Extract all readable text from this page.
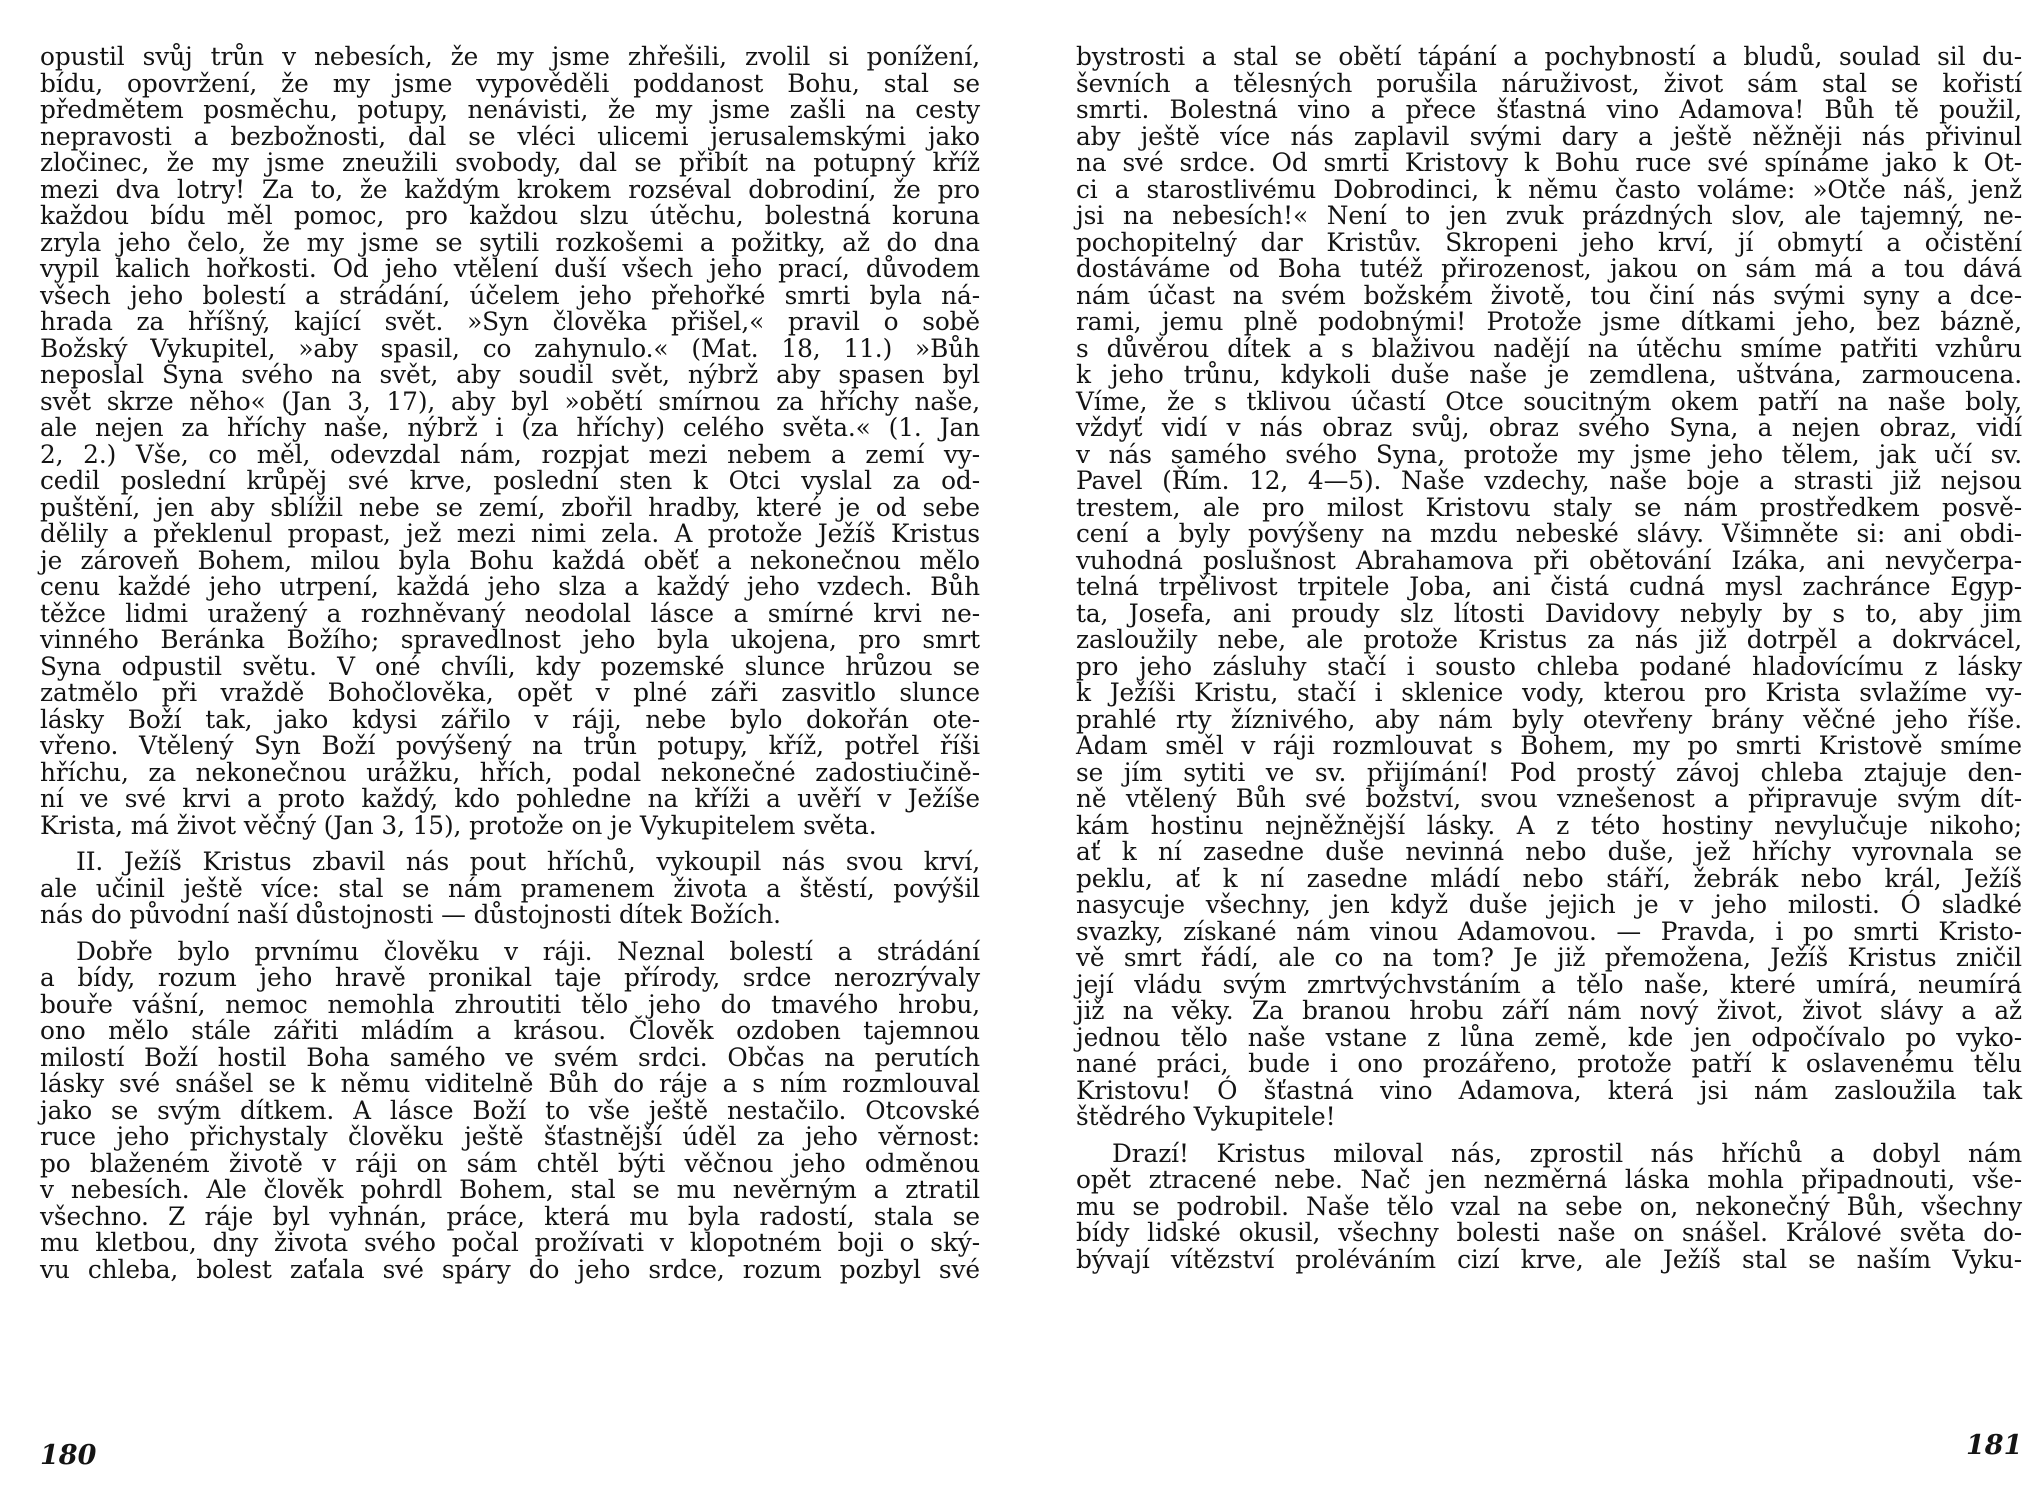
opustil svůj trůn v nebesích, že my jsme zhřešili, zvolil si ponížení,
bídu, opovržení, že my jsme vypověděli poddanost Bohu, stal se
předmětem posměchu, potupy, nenávisti, že my jsme zašli na cesty
nepravosti a bezbožnosti, dal se vléci ulicemi jerusalemskými jako
zločinec, že my jsme zneužili svobody, dal se přibít na potupný kříž
mezi dva lotry! Za to, že každým krokem rozséval dobrodiní, že pro
každou bídu měl pomoc, pro každou slzu útěchu, bolestná koruna
zryla jeho čelo, že my jsme se sytili rozkošemi a požitky, až do dna
vypil kalich hořkosti. Od jeho vtělení duší všech jeho prací, důvodem
všech jeho bolestí a strádání, účelem jeho přehořké smrti byla ná-
hrada za hříšný, kající svět. »Syn člověka přišel,« pravil o sobě
Božský Vykupitel, »aby spasil, co zahynulo.« (Mat. 18, 11.) »Bůh
neposlal Syna svého na svět, aby soudil svět, nýbrž aby spasen byl
svět skrze něho« (Jan 3, 17), aby byl »obětí smírnou za hříchy naše,
ale nejen za hříchy naše, nýbrž i (za hříchy) celého světa.« (1. Jan
2, 2.) Vše, co měl, odevzdal nám, rozpjat mezi nebem a zemí vy-
cedil poslední krůpěj své krve, poslední sten k Otci vyslal za od-
puštění, jen aby sblížil nebe se zemí, zbořil hradby, které je od sebe
dělily a překlenul propast, jež mezi nimi zela. A protože Ježíš Kristus
je zároveň Bohem, milou byla Bohu každá oběť a nekonečnou mělo
cenu každé jeho utrpení, každá jeho slza a každý jeho vzdech. Bůh
těžce lidmi uražený a rozhněvaný neodolal lásce a smírné krvi ne-
vinného Beránka Božího; spravedlnost jeho byla ukojena, pro smrt
Syna odpustil světu. V oné chvíli, kdy pozemské slunce hrůzou se
zatmělo při vraždě Bohočlověka, opět v plné záři zasvitlo slunce
lásky Boží tak, jako kdysi zářilo v ráji, nebe bylo dokořán ote-
vřeno. Vtělený Syn Boží povýšený na trůn potupy, kříž, potřel říši
hříchu, za nekonečnou urážku, hřích, podal nekonečné zadostiučině-
ní ve své krvi a proto každý, kdo pohledne na kříži a uvěří v Ježíše
Krista, má život věčný (Jan 3, 15), protože on je Vykupitelem světa.
II. Ježíš Kristus zbavil nás pout hříchů, vykoupil nás svou krví,
ale učinil ještě více: stal se nám pramenem života a štěstí, povýšil
nás do původní naší důstojnosti — důstojnosti dítek Božích.
Dobře bylo prvnímu člověku v ráji. Neznal bolestí a strádání
a bídy, rozum jeho hravě pronikal taje přírody, srdce nerozrývaly
bouře vášní, nemoc nemohla zhroutiti tělo jeho do tmavého hrobu,
ono mělo stále zářiti mládím a krásou. Člověk ozdoben tajemnou
milostí Boží hostil Boha samého ve svém srdci. Občas na perutích
lásky své snášel se k němu viditelně Bůh do ráje a s ním rozmlouval
jako se svým dítkem. A lásce Boží to vše ještě nestačilo. Otcovské
ruce jeho přichystaly člověku ještě šťastnější úděl za jeho věrnost:
po blaženém životě v ráji on sám chtěl býti věčnou jeho odměnou
v nebesích. Ale člověk pohrdl Bohem, stal se mu nevěrným a ztratil
všechno. Z ráje byl vyhnán, práce, která mu byla radostí, stala se
mu kletbou, dny života svého počal prožívati v klopotném boji o ský-
vu chleba, bolest zaťala své spáry do jeho srdce, rozum pozbyl své
180
bystrosti a stal se obětí tápání a pochybností a bludů, soulad sil du-
ševních a tělesných porušila náruživost, život sám stal se kořistí
smrti. Bolestná vino a přece šťastná vino Adamova! Bůh tě použil,
aby ještě více nás zaplavil svými dary a ještě něžněji nás přivinul
na své srdce. Od smrti Kristovy k Bohu ruce své spínáme jako k Ot-
ci a starostlivému Dobrodinci, k němu často voláme: »Otče náš, jenž
jsi na nebesích!« Není to jen zvuk prázdných slov, ale tajemný, ne-
pochopitelný dar Kristův. Skropeni jeho krví, jí obmytí a očistění
dostáváme od Boha tutéž přirozenost, jakou on sám má a tou dává
nám účast na svém božském životě, tou činí nás svými syny a dce-
rami, jemu plně podobnými! Protože jsme dítkami jeho, bez bázně,
s důvěrou dítek a s blaživou nadějí na útěchu smíme patřiti vzhůru
k jeho trůnu, kdykoli duše naše je zemdlena, uštvána, zarmoucena.
Víme, že s tklivou účastí Otce soucitným okem patří na naše boly,
vždyť vidí v nás obraz svůj, obraz svého Syna, a nejen obraz, vidí
v nás samého svého Syna, protože my jsme jeho tělem, jak učí sv.
Pavel (Řím. 12, 4—5). Naše vzdechy, naše boje a strasti již nejsou
trestem, ale pro milost Kristovu staly se nám prostředkem posvě-
cení a byly povýšeny na mzdu nebeské slávy. Všimněte si: ani obdi-
vuhodná poslušnost Abrahamova při obětování Izáka, ani nevyčerpa-
telná trpělivost trpitele Joba, ani čistá cudná mysl zachránce Egyp-
ta, Josefa, ani proudy slz lítosti Davidovy nebyly by s to, aby jim
zasloužily nebe, ale protože Kristus za nás již dotrpěl a dokrvácel,
pro jeho zásluhy stačí i sousto chleba podané hladovícímu z lásky
k Ježíši Kristu, stačí i sklenice vody, kterou pro Krista svlažíme vy-
prahlé rty žíznivého, aby nám byly otevřeny brány věčné jeho říše.
Adam směl v ráji rozmlouvat s Bohem, my po smrti Kristově smíme
se jím sytiti ve sv. přijímání! Pod prostý závoj chleba ztajuje den-
ně vtělený Bůh své božství, svou vznešenost a připravuje svým dít-
kám hostinu nejněžnější lásky. A z této hostiny nevylučuje nikoho;
ať k ní zasedne duše nevinná nebo duše, jež hříchy vyrovnala se
peklu, ať k ní zasedne mládí nebo stáří, žebrák nebo král, Ježíš
nasycuje všechny, jen když duše jejich je v jeho milosti. Ó sladké
svazky, získané nám vinou Adamovou. — Pravda, i po smrti Kristo-
vě smrt řádí, ale co na tom? Je již přemožena, Ježíš Kristus zničil
její vládu svým zmrtvýchvstáním a tělo naše, které umírá, neumírá
již na věky. Za branou hrobu září nám nový život, život slávy a až
jednou tělo naše vstane z lůna země, kde jen odpočívalo po vyko-
nané práci, bude i ono prozářeno, protože patří k oslavenému tělu
Kristovu! Ó šťastná vino Adamova, která jsi nám zasloužila tak
štědrého Vykupitele!
Drazí! Kristus miloval nás, zprostil nás hříchů a dobyl nám
opět ztracené nebe. Nač jen nezměrná láska mohla připadnouti, vše-
mu se podrobil. Naše tělo vzal na sebe on, nekonečný Bůh, všechny
bídy lidské okusil, všechny bolesti naše on snášel. Králové světa do-
bývají vítězství proléváním cizí krve, ale Ježíš stal se naším Vyku-
181
